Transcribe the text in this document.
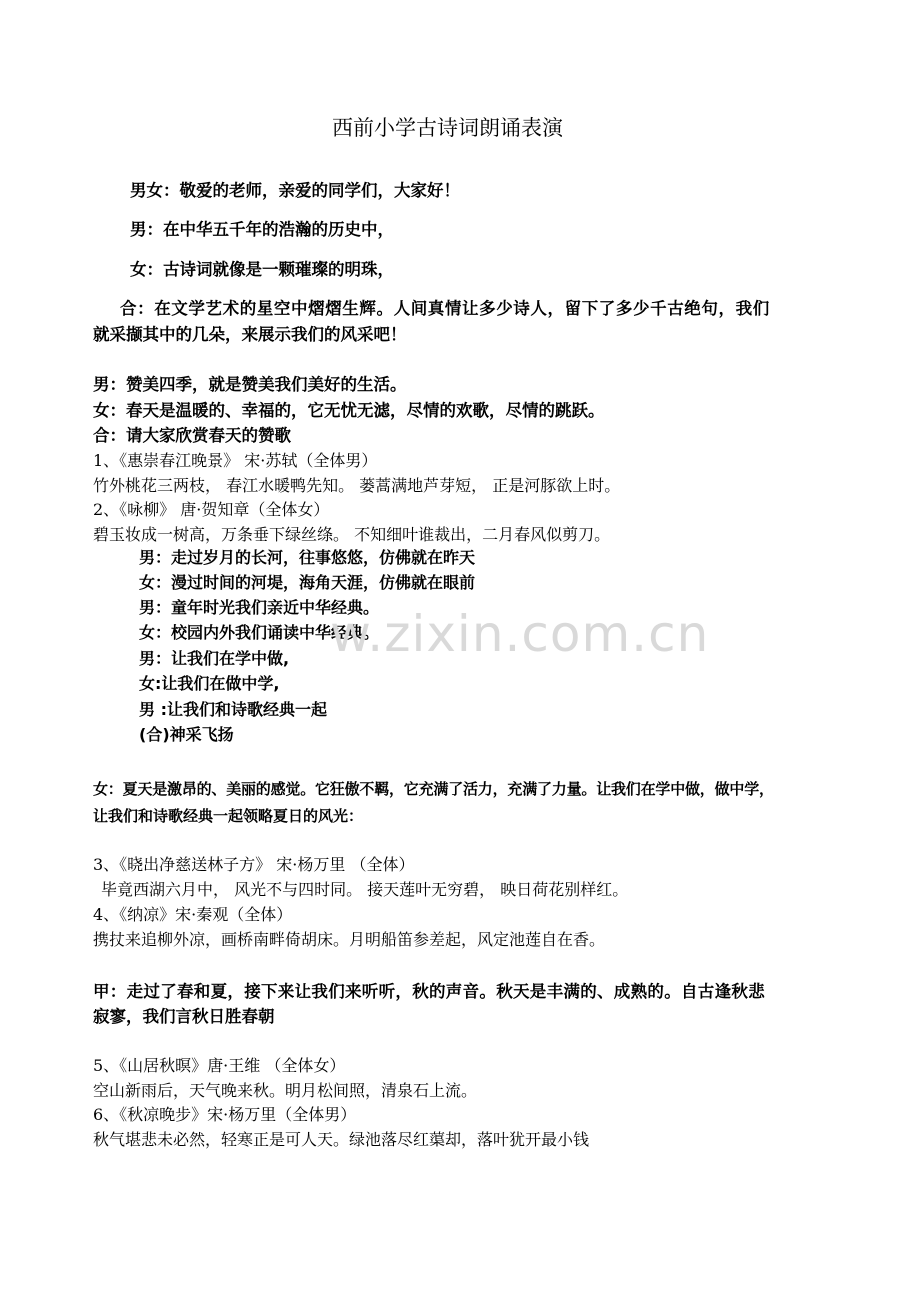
西前小学古诗词朗诵表演
男女：敬爱的老师，亲爱的同学们，大家好！
男：在中华五千年的浩瀚的历史中，
女：古诗词就像是一颗璀璨的明珠，
合：在文学艺术的星空中熠熠生辉。人间真情让多少诗人，留下了多少千古绝句，我们
就采撷其中的几朵，来展示我们的风采吧！
男：赞美四季，就是赞美我们美好的生活。
女：春天是温暖的、幸福的，它无忧无滤，尽情的欢歌，尽情的跳跃。
合：请大家欣赏春天的赞歌
1、《惠崇春江晚景》 宋·苏轼（全体男）
竹外桃花三两枝， 春江水暖鸭先知。 蒌蒿满地芦芽短， 正是河豚欲上时。
2、《咏柳》 唐·贺知章（全体女）
碧玉妆成一树高，万条垂下绿丝绦。 不知细叶谁裁出，二月春风似剪刀。
男：走过岁月的长河，往事悠悠，仿佛就在昨天
女：漫过时间的河堤，海角天涯，仿佛就在眼前
男：童年时光我们亲近中华经典。
女：校园内外我们诵读中华经典。
男：让我们在学中做,
女:让我们在做中学,
男 :让我们和诗歌经典一起
(合)神采飞扬
女：夏天是激昂的、美丽的感觉。它狂傲不羁，它充满了活力，充满了力量。让我们在学中做，做中学，
让我们和诗歌经典一起领略夏日的风光：
3、《晓出净慈送林子方》 宋·杨万里 （全体）
毕竟西湖六月中， 风光不与四时同。 接天莲叶无穷碧， 映日荷花别样红。
4、《纳凉》宋·秦观（全体）
携扙来追柳外凉，画桥南畔倚胡床。月明船笛参差起，风定池莲自在香。
甲：走过了春和夏，接下来让我们来听听，秋的声音。秋天是丰满的、成熟的。自古逢秋悲
寂寥，我们言秋日胜春朝
5、《山居秋暝》唐·王维 （全体女）
空山新雨后，天气晚来秋。明月松间照，清泉石上流。
6、《秋凉晚步》宋·杨万里（全体男）
秋气堪悲未必然，轻寒正是可人天。绿池落尽红蕖却，落叶犹开最小钱
w.zixin.com.cn
